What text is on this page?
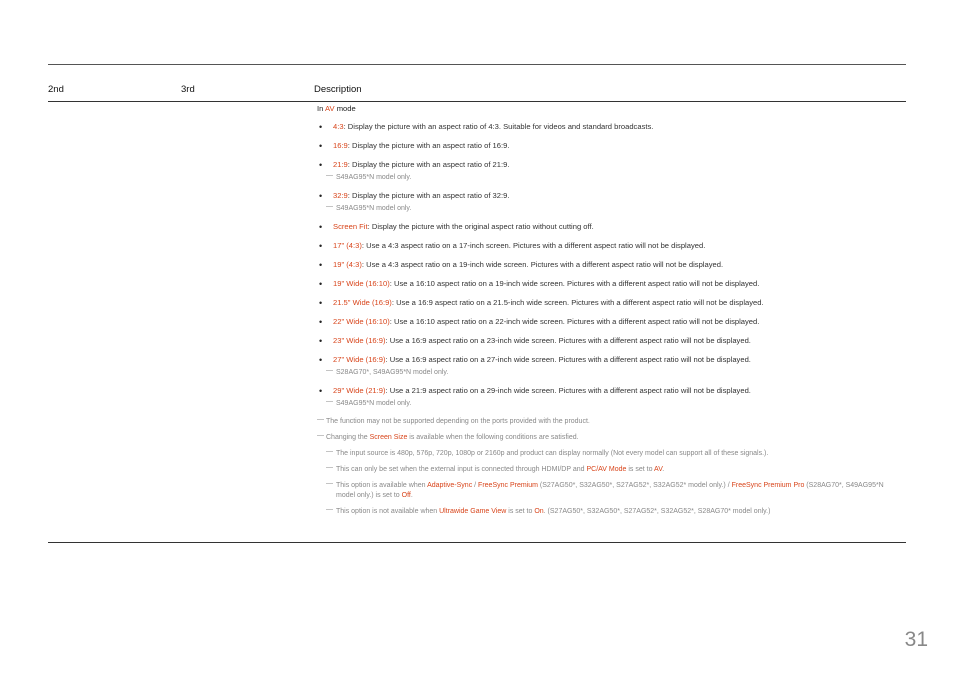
2nd	3rd	Description
In AV mode
• 4:3: Display the picture with an aspect ratio of 4:3. Suitable for videos and standard broadcasts.
• 16:9: Display the picture with an aspect ratio of 16:9.
• 21:9: Display the picture with an aspect ratio of 21:9.
― S49AG95*N model only.
• 32:9: Display the picture with an aspect ratio of 32:9.
― S49AG95*N model only.
• Screen Fit: Display the picture with the original aspect ratio without cutting off.
• 17" (4:3): Use a 4:3 aspect ratio on a 17-inch screen. Pictures with a different aspect ratio will not be displayed.
• 19" (4:3): Use a 4:3 aspect ratio on a 19-inch wide screen. Pictures with a different aspect ratio will not be displayed.
• 19" Wide (16:10): Use a 16:10 aspect ratio on a 19-inch wide screen. Pictures with a different aspect ratio will not be displayed.
• 21.5" Wide (16:9): Use a 16:9 aspect ratio on a 21.5-inch wide screen. Pictures with a different aspect ratio will not be displayed.
• 22" Wide (16:10): Use a 16:10 aspect ratio on a 22-inch wide screen. Pictures with a different aspect ratio will not be displayed.
• 23" Wide (16:9): Use a 16:9 aspect ratio on a 23-inch wide screen. Pictures with a different aspect ratio will not be displayed.
• 27" Wide (16:9): Use a 16:9 aspect ratio on a 27-inch wide screen. Pictures with a different aspect ratio will not be displayed.
― S28AG70*, S49AG95*N model only.
• 29" Wide (21:9): Use a 21:9 aspect ratio on a 29-inch wide screen. Pictures with a different aspect ratio will not be displayed.
― S49AG95*N model only.
― The function may not be supported depending on the ports provided with the product.
― Changing the Screen Size is available when the following conditions are satisfied.
― The input source is 480p, 576p, 720p, 1080p or 2160p and product can display normally (Not every model can support all of these signals.).
― This can only be set when the external input is connected through HDMI/DP and PC/AV Mode is set to AV.
― This option is available when Adaptive-Sync / FreeSync Premium (S27AG50*, S32AG50*, S27AG52*, S32AG52* model only.) / FreeSync Premium Pro (S28AG70*, S49AG95*N model only.) is set to Off.
― This option is not available when Ultrawide Game View is set to On. (S27AG50*, S32AG50*, S27AG52*, S32AG52*, S28AG70* model only.)
31
